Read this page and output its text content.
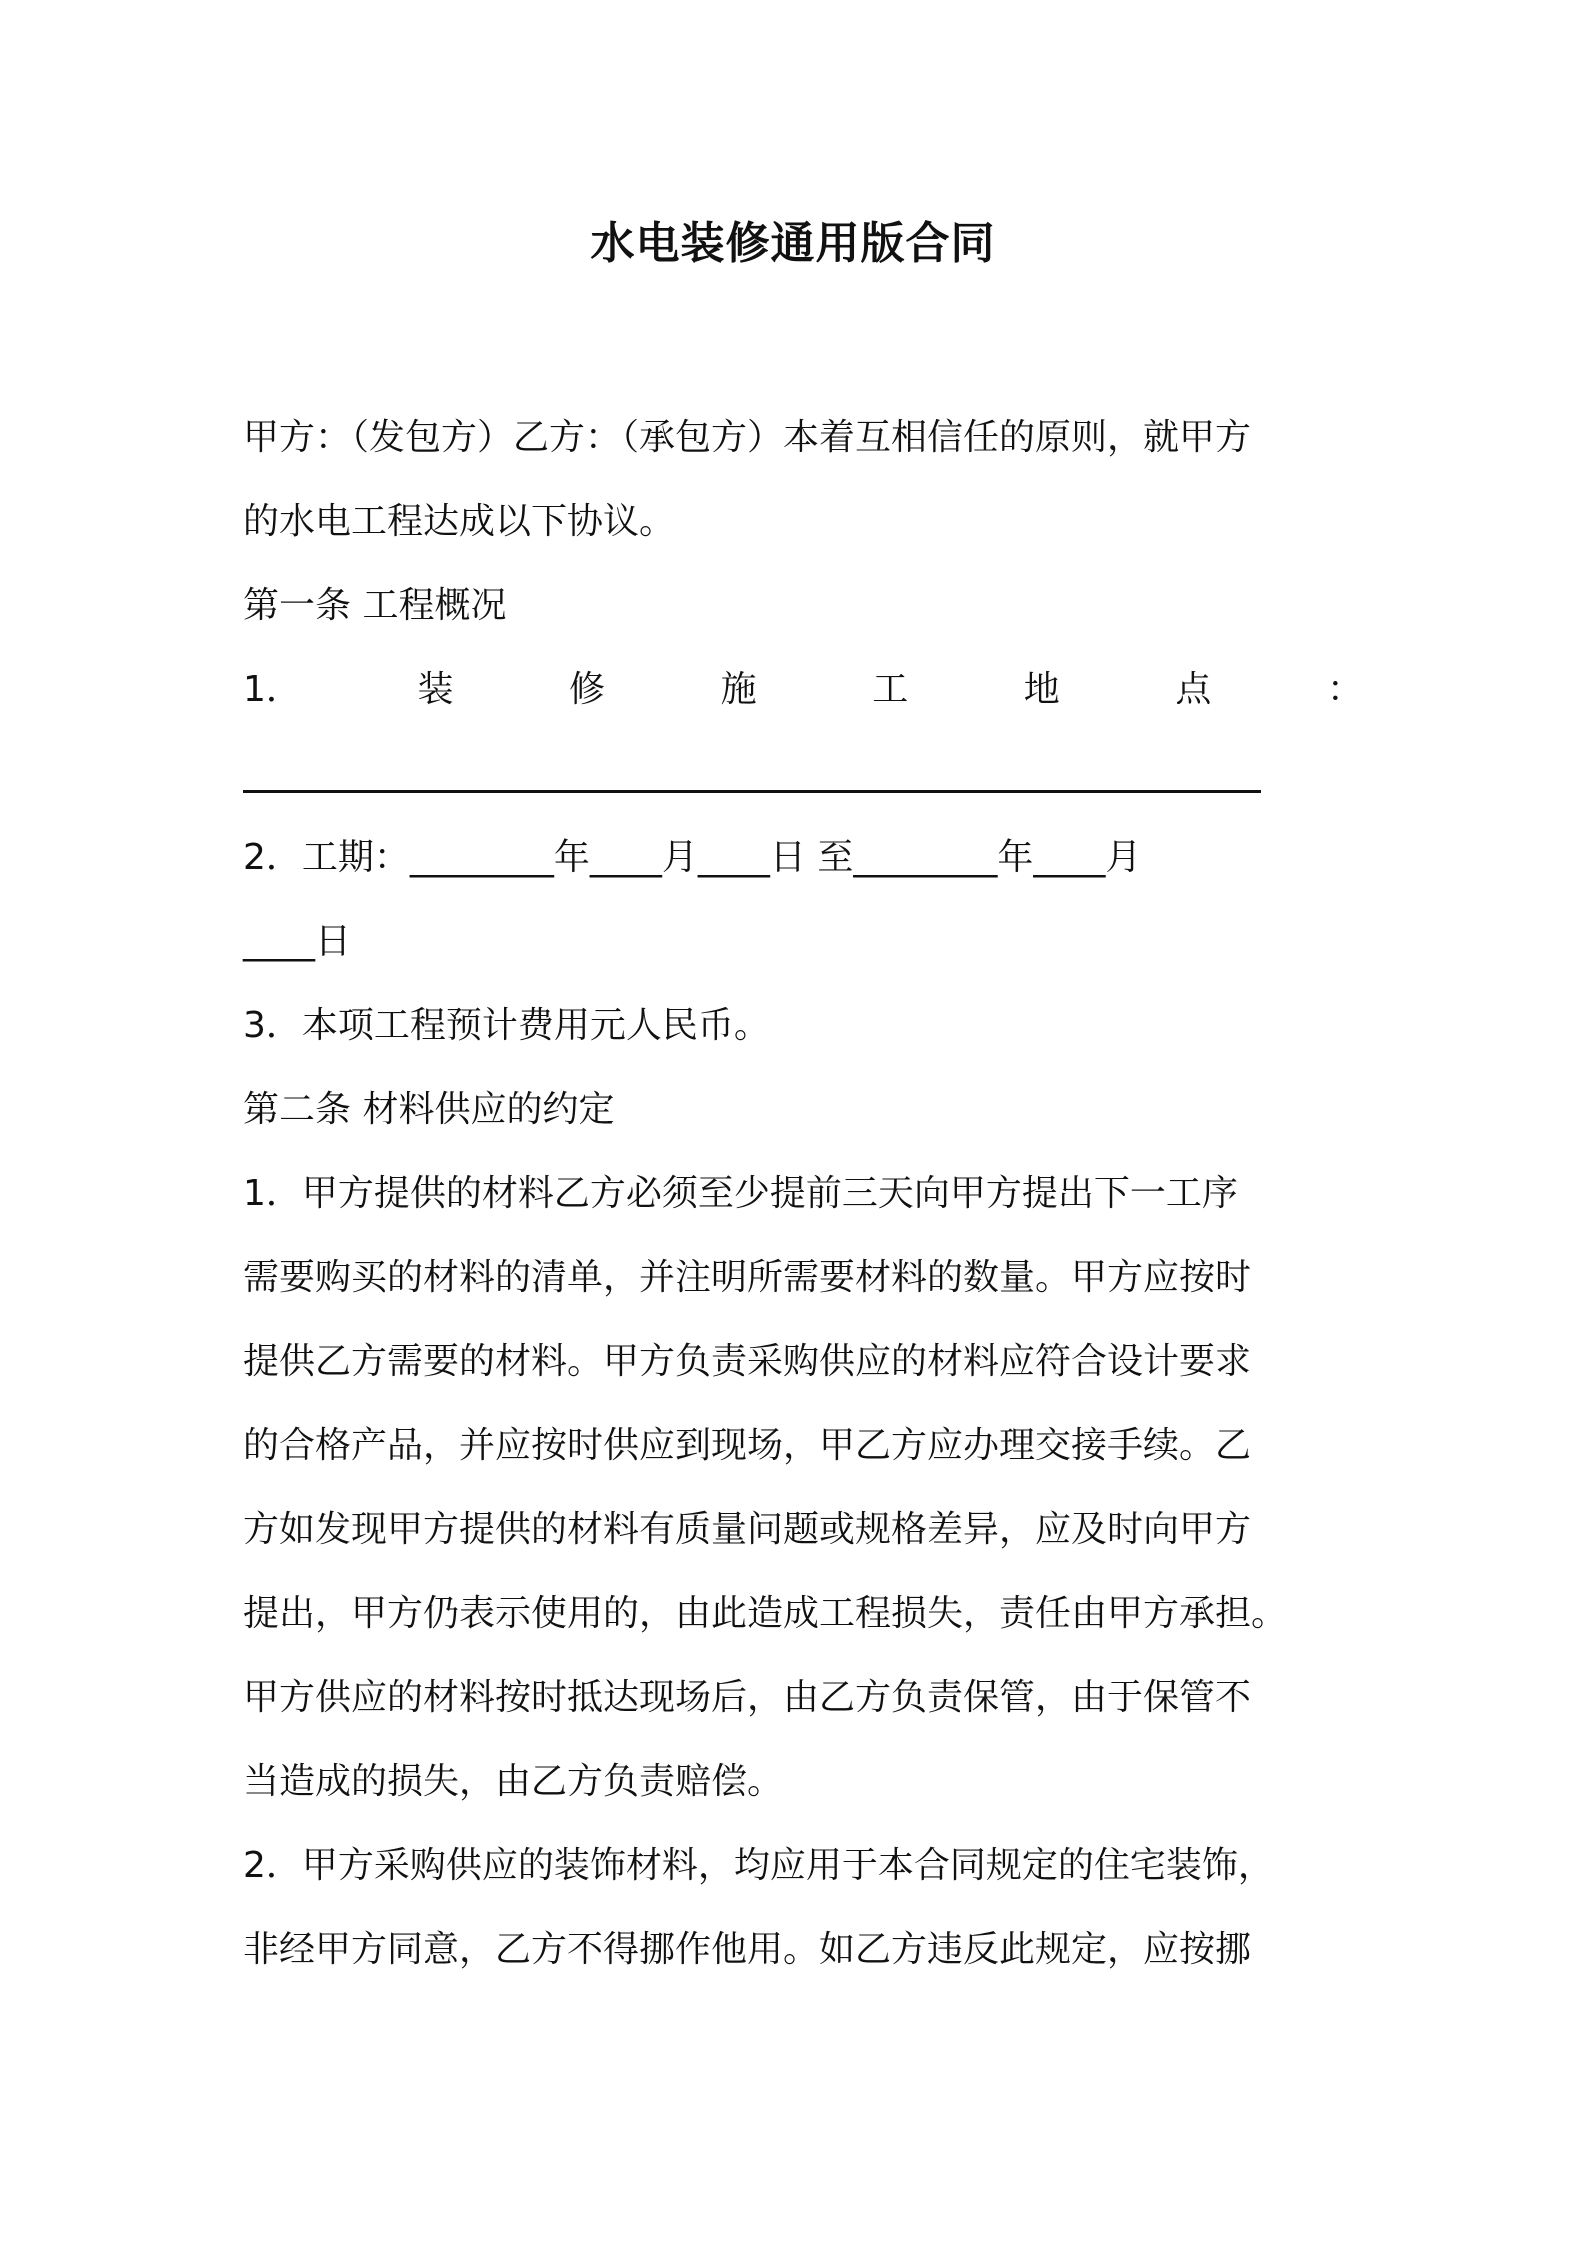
水电装修通用版合同
甲方：（发包方）乙方：（承包方）本着互相信任的原则，就甲方
的水电工程达成以下协议。
第一条 工程概况
1．	装	修	施	工	地	点	：
2．工期：________年____月____日 至________年____月
____日
3．本项工程预计费用元人民币。
第二条 材料供应的约定
1．甲方提供的材料乙方必须至少提前三天向甲方提出下一工序
需要购买的材料的清单，并注明所需要材料的数量。甲方应按时
提供乙方需要的材料。甲方负责采购供应的材料应符合设计要求
的合格产品，并应按时供应到现场，甲乙方应办理交接手续。乙
方如发现甲方提供的材料有质量问题或规格差异，应及时向甲方
提出，甲方仍表示使用的，由此造成工程损失，责任由甲方承担。
甲方供应的材料按时抵达现场后，由乙方负责保管，由于保管不
当造成的损失，由乙方负责赔偿。
2．甲方采购供应的装饰材料，均应用于本合同规定的住宅装饰，
非经甲方同意，乙方不得挪作他用。如乙方违反此规定，应按挪
